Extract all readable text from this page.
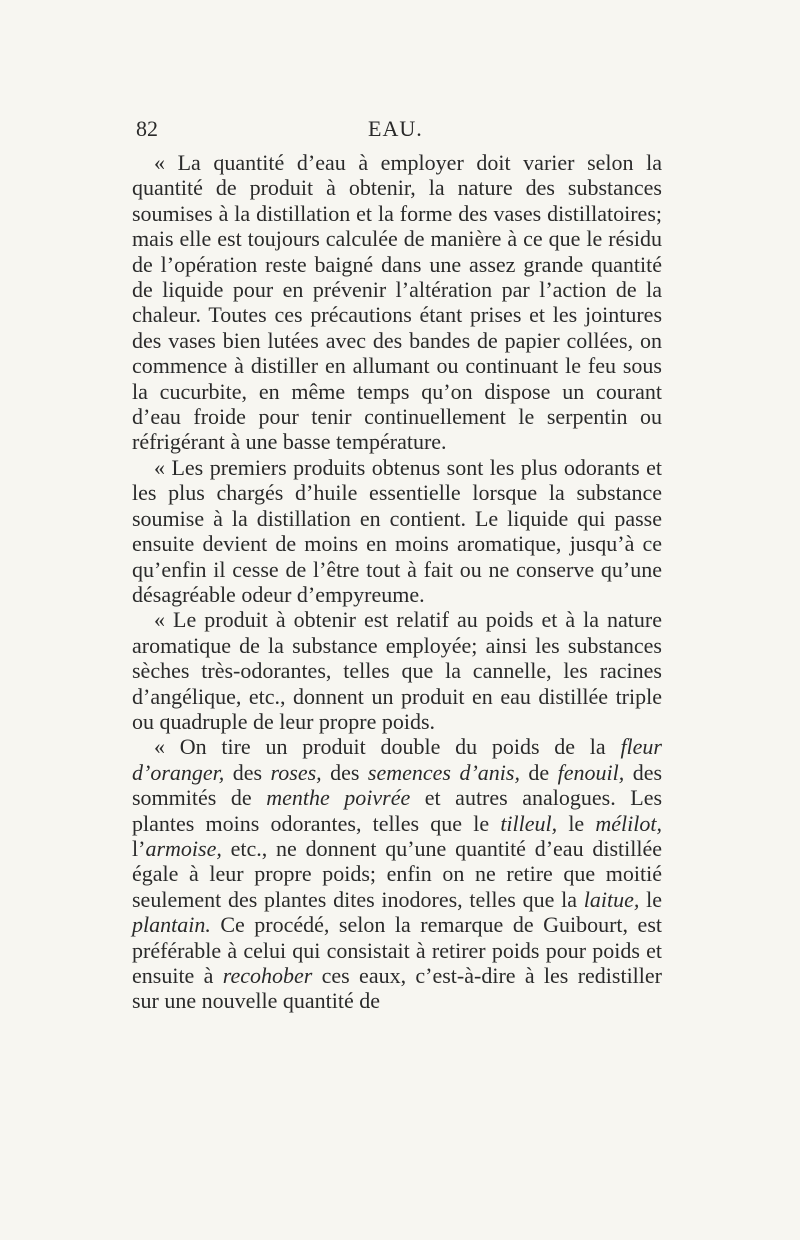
82	EAU.

« La quantité d’eau à employer doit varier selon la quantité de produit à obtenir, la nature des substances soumises à la distillation et la forme des vases distillatoires; mais elle est toujours calculée de manière à ce que le résidu de l’opération reste baigné dans une assez grande quantité de liquide pour en prévenir l’altération par l’action de la chaleur. Toutes ces précautions étant prises et les jointures des vases bien lutées avec des bandes de papier collées, on commence à distiller en allumant ou continuant le feu sous la cucurbite, en même temps qu’on dispose un courant d’eau froide pour tenir continuellement le serpentin ou réfrigérant à une basse température.

« Les premiers produits obtenus sont les plus odorants et les plus chargés d’huile essentielle lorsque la substance soumise à la distillation en contient. Le liquide qui passe ensuite devient de moins en moins aromatique, jusqu’à ce qu’enfin il cesse de l’être tout à fait ou ne conserve qu’une désagréable odeur d’empyreume.

« Le produit à obtenir est relatif au poids et à la nature aromatique de la substance employée; ainsi les substances sèches très-odorantes, telles que la cannelle, les racines d’angélique, etc., donnent un produit en eau distillée triple ou quadruple de leur propre poids.

« On tire un produit double du poids de la fleur d’oranger, des roses, des semences d’anis, de fenouil, des sommités de menthe poivrée et autres analogues. Les plantes moins odorantes, telles que le tilleul, le mélilot, l’armoise, etc., ne donnent qu’une quantité d’eau distillée égale à leur propre poids; enfin on ne retire que moitié seulement des plantes dites inodores, telles que la laitue, le plantain. Ce procédé, selon la remarque de Guibourt, est préférable à celui qui consistait à retirer poids pour poids et ensuite à recohober ces eaux, c’est-à-dire à les redistiller sur une nouvelle quantité de
